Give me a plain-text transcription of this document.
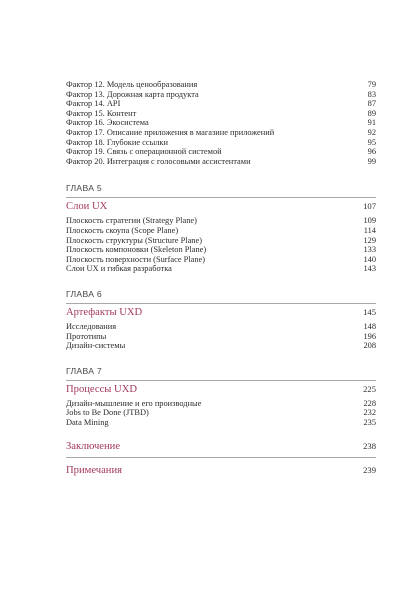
Фактор 12. Модель ценообразования	79
Фактор 13. Дорожная карта продукта	83
Фактор 14. API	87
Фактор 15. Контент	89
Фактор 16. Экосистема	91
Фактор 17. Описание приложения в магазине приложений	92
Фактор 18. Глубокие ссылки	95
Фактор 19. Связь с операционной системой	96
Фактор 20. Интеграция с голосовыми ассистентами	99
ГЛАВА 5
Слои UX	107
Плоскость стратегии (Strategy Plane)	109
Плоскость скоупа (Scope Plane)	114
Плоскость структуры (Structure Plane)	129
Плоскость компоновки (Skeleton Plane)	133
Плоскость поверхности (Surface Plane)	140
Слои UX и гибкая разработка	143
ГЛАВА 6
Артефакты UXD	145
Исследования	148
Прототипы	196
Дизайн-системы	208
ГЛАВА 7
Процессы UXD	225
Дизайн-мышление и его производные	228
Jobs to Be Done (JTBD)	232
Data Mining	235
Заключение	238
Примечания	239
